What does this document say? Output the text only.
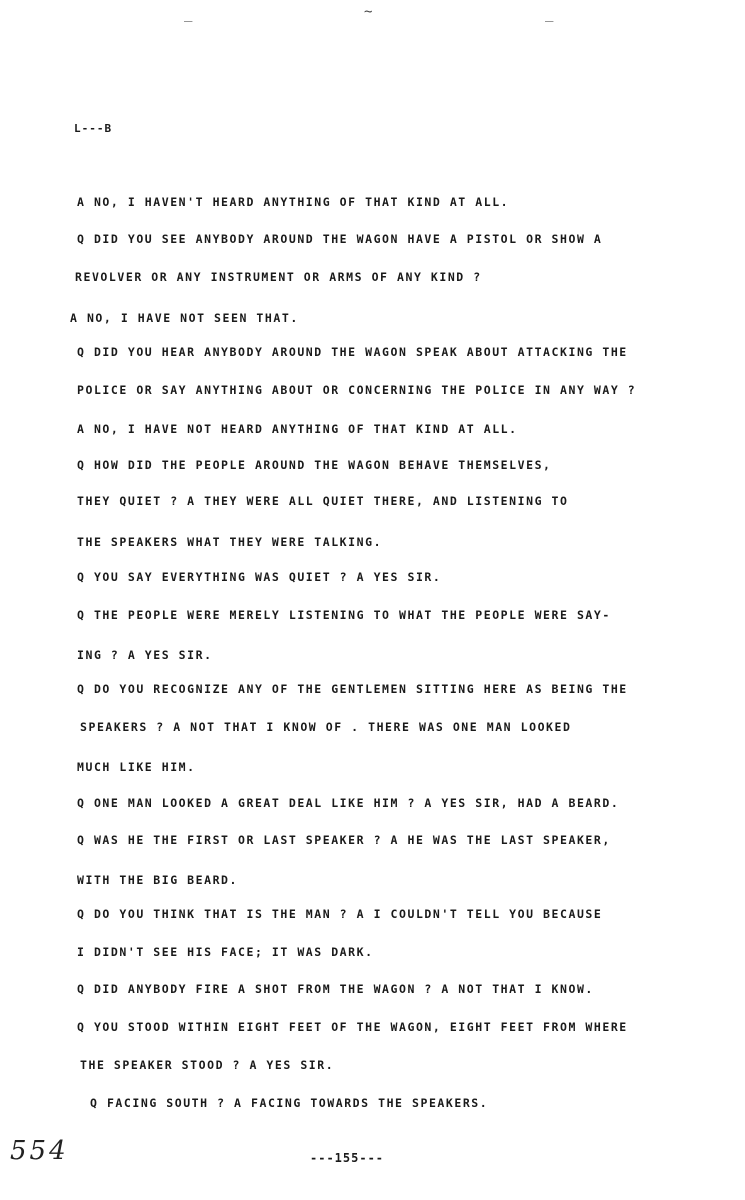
_	~	_
L---B
A NO, I HAVEN'T HEARD ANYTHING OF THAT KIND AT ALL.
Q DID YOU SEE ANYBODY AROUND THE WAGON HAVE A PISTOL OR SHOW A
REVOLVER OR ANY INSTRUMENT OR ARMS OF ANY KIND ?
A NO, I HAVE NOT SEEN THAT.
Q DID YOU HEAR ANYBODY AROUND THE WAGON SPEAK ABOUT ATTACKING THE
POLICE OR SAY ANYTHING ABOUT OR CONCERNING THE POLICE IN ANY WAY ?
A NO, I HAVE NOT HEARD ANYTHING OF THAT KIND AT ALL.
Q HOW DID THE PEOPLE AROUND THE WAGON BEHAVE THEMSELVES,
THEY QUIET ? A THEY WERE ALL QUIET THERE, AND LISTENING TO
THE SPEAKERS WHAT THEY WERE TALKING.
Q YOU SAY EVERYTHING WAS QUIET ? A YES SIR.
Q THE PEOPLE WERE MERELY LISTENING TO WHAT THE PEOPLE WERE SAY-
ING ? A YES SIR.
Q DO YOU RECOGNIZE ANY OF THE GENTLEMEN SITTING HERE AS BEING THE
SPEAKERS ? A NOT THAT I KNOW OF . THERE WAS ONE MAN LOOKED
MUCH LIKE HIM.
Q ONE MAN LOOKED A GREAT DEAL LIKE HIM ? A YES SIR, HAD A BEARD.
Q WAS HE THE FIRST OR LAST SPEAKER ? A HE WAS THE LAST SPEAKER,
WITH THE BIG BEARD.
Q DO YOU THINK THAT IS THE MAN ? A I COULDN'T TELL YOU BECAUSE
I DIDN'T SEE HIS FACE; IT WAS DARK.
Q DID ANYBODY FIRE A SHOT FROM THE WAGON ? A NOT THAT I KNOW.
Q YOU STOOD WITHIN EIGHT FEET OF THE WAGON, EIGHT FEET FROM WHERE
THE SPEAKER STOOD ? A YES SIR.
Q FACING SOUTH ? A FACING TOWARDS THE SPEAKERS.
554	---155---
